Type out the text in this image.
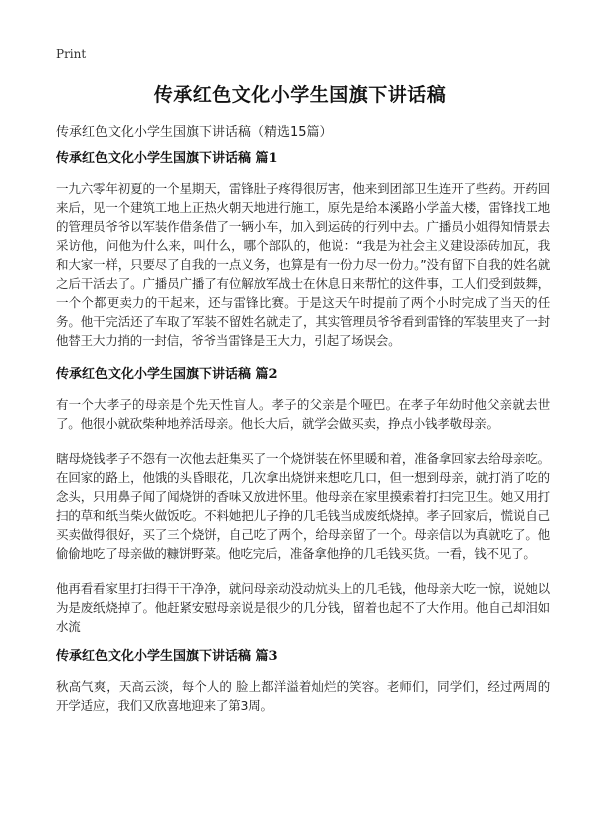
Print
传承红色文化小学生国旗下讲话稿
传承红色文化小学生国旗下讲话稿（精选15篇）
传承红色文化小学生国旗下讲话稿 篇1

一九六零年初夏的一个星期天，雷锋肚子疼得很厉害，他来到团部卫生连开了些药。开药回来后，见一个建筑工地上正热火朝天地进行施工，原先是给本溪路小学盖大楼，雷锋找工地的管理员爷爷以军装作借条借了一辆小车，加入到运砖的行列中去。广播员小姐得知情景去采访他，问他为什么来，叫什么，哪个部队的，他说：“我是为社会主义建设添砖加瓦，我和大家一样，只要尽了自我的一点义务，也算是有一份力尽一份力。”没有留下自我的姓名就之后干活去了。广播员广播了有位解放军战士在休息日来帮忙的这件事，工人们受到鼓舞，一个个都更卖力的干起来，还与雷锋比赛。于是这天午时提前了两个小时完成了当天的任务。他干完活还了车取了军装不留姓名就走了，其实管理员爷爷看到雷锋的军装里夹了一封他替王大力捎的一封信，爷爷当雷锋是王大力，引起了场误会。

传承红色文化小学生国旗下讲话稿 篇2

有一个大孝子的母亲是个先天性盲人。孝子的父亲是个哑巴。在孝子年幼时他父亲就去世了。他很小就砍柴种地养活母亲。他长大后，就学会做买卖，挣点小钱孝敬母亲。

瞎母烧钱孝子不怨有一次他去赶集买了一个烧饼装在怀里暖和着，准备拿回家去给母亲吃。在回家的路上，他饿的头昏眼花，几次拿出烧饼来想吃几口，但一想到母亲，就打消了吃的念头，只用鼻子闻了闻烧饼的香味又放进怀里。他母亲在家里摸索着打扫完卫生。她又用打扫的草和纸当柴火做饭吃。不料她把儿子挣的几毛钱当成废纸烧掉。孝子回家后，慌说自己买卖做得很好，买了三个烧饼，自己吃了两个，给母亲留了一个。母亲信以为真就吃了。他偷偷地吃了母亲做的糠饼野菜。他吃完后，准备拿他挣的几毛钱买货。一看，钱不见了。

他再看看家里打扫得干干净净，就问母亲动没动炕头上的几毛钱，他母亲大吃一惊，说她以为是废纸烧掉了。他赶紧安慰母亲说是很少的几分钱，留着也起不了大作用。他自己却泪如水流

传承红色文化小学生国旗下讲话稿 篇3

秋高气爽，天高云淡，每个人的 脸上都洋溢着灿烂的笑容。老师们，同学们，经过两周的开学适应，我们又欣喜地迎来了第3周。
